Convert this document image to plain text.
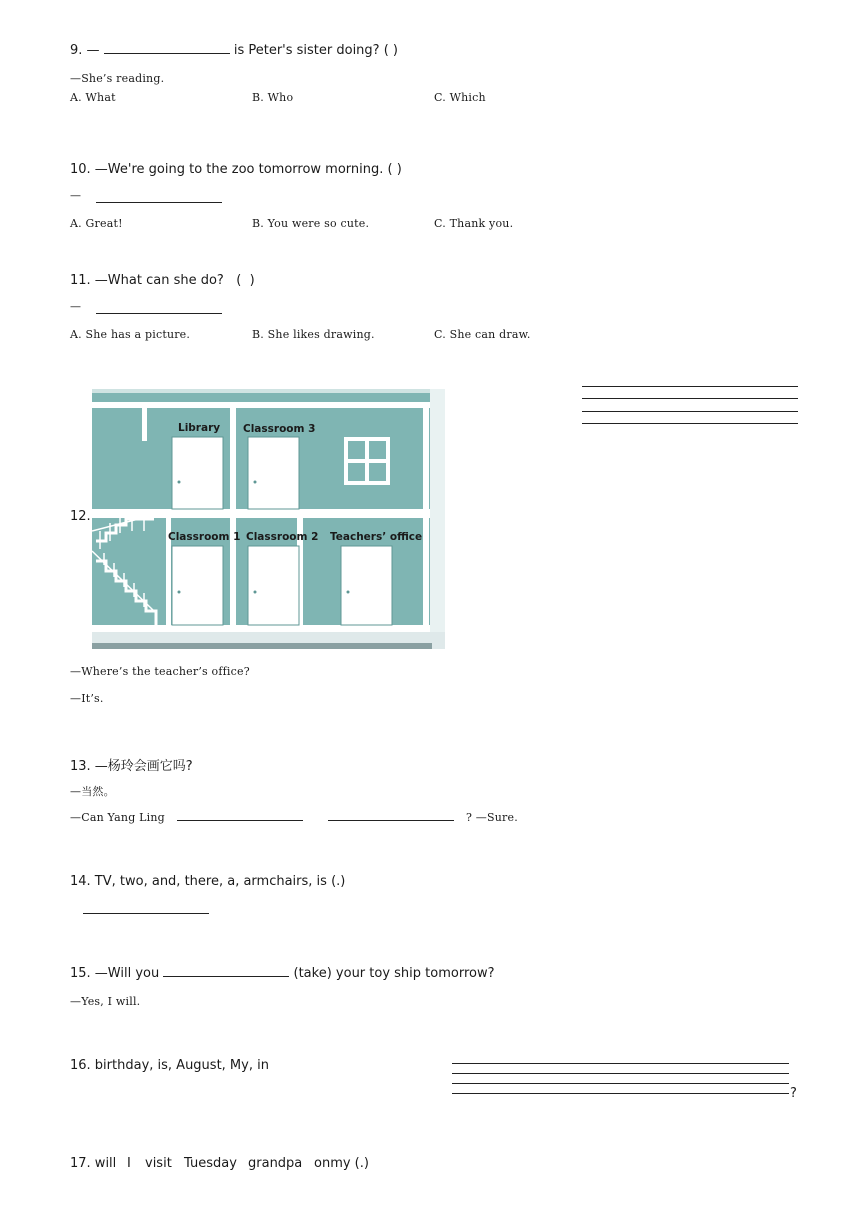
9. —	is Peter's sister doing? ( )
—She’s reading.
A. What	B. Who	C. Which
10. —We're going to the zoo tomorrow morning. ( )
—
A. Great!	B. You were so cute.	C. Thank you.
11. —What can she do?   (  )
—
A. She has a picture.	B. She likes drawing.	C. She can draw.
12.
Library Classroom 3
Classroom 1 Classroom 2 Teachers’ office
—Where’s the teacher’s office?
—It’s.
13. —杨玲会画它吗?
—当然。
—Can Yang Ling	? —Sure.
14. TV, two, and, there, a, armchairs, is (.)
15. —Will you	(take) your toy ship tomorrow?
—Yes, I will.
16. birthday, is, August, My, in
?
17. will I visit Tuesday grandpa onmy (.)
